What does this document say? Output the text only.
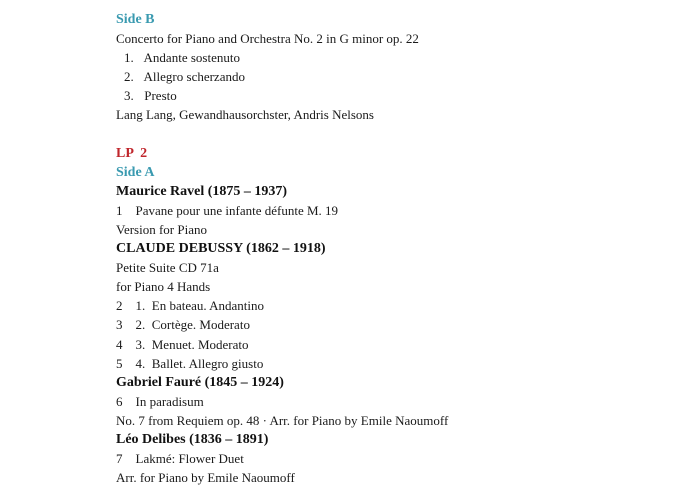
Side B
Concerto for Piano and Orchestra No. 2 in G minor op. 22
1. Andante sostenuto
2. Allegro scherzando
3. Presto
Lang Lang, Gewandhausorchster, Andris Nelsons
LP  2
Side A
Maurice Ravel (1875 – 1937)
1    Pavane pour une infante défunte M. 19
Version for Piano
CLAUDE DEBUSSY (1862 – 1918)
Petite Suite CD 71a
for Piano 4 Hands
2    1.  En bateau. Andantino
3    2.  Cortège. Moderato
4    3.  Menuet. Moderato
5    4.  Ballet. Allegro giusto
Gabriel Fauré (1845 – 1924)
6    In paradisum
No. 7 from Requiem op. 48 · Arr. for Piano by Emile Naoumoff
Léo Delibes (1836 – 1891)
7    Lakmé: Flower Duet
Arr. for Piano by Emile Naoumoff
